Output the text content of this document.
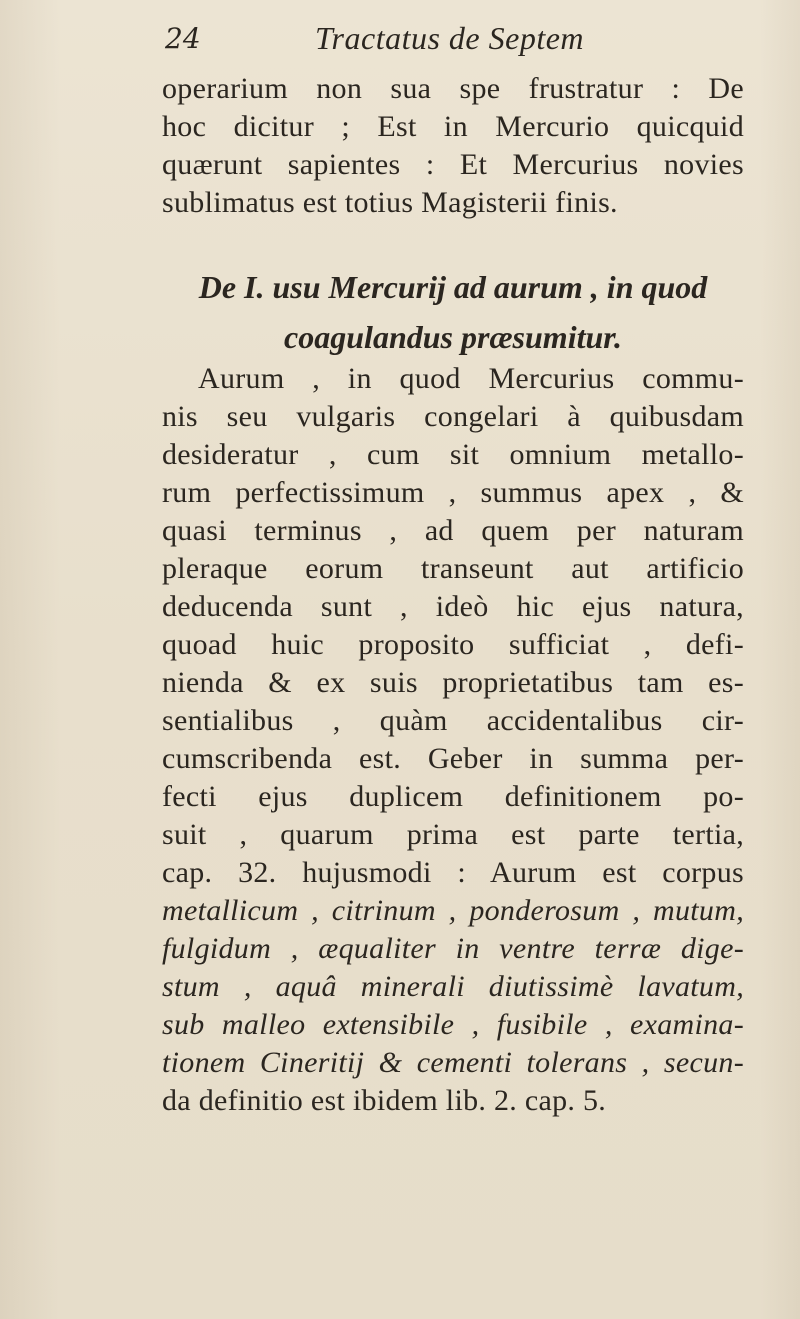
24	Tractatus de Septem
operarium non sua spe frustratur : De
hoc dicitur ; Est in Mercurio quicquid
quærunt sapientes : Et Mercurius novies
sublimatus est totius Magisterii finis.
De I. usu Mercurij ad aurum , in quod
coagulandus præsumitur.
Aurum , in quod Mercurius commu-
nis seu vulgaris congelari à quibusdam
desideratur , cum sit omnium metallo-
rum perfectissimum , summus apex , &
quasi terminus , ad quem per naturam
pleraque eorum transeunt aut artificio
deducenda sunt , ideò hic ejus natura,
quoad huic proposito sufficiat , defi-
nienda & ex suis proprietatibus tam es-
sentialibus , quàm accidentalibus cir-
cumscribenda est. Geber in summa per-
fecti ejus duplicem definitionem po-
suit , quarum prima est parte tertia,
cap. 32. hujusmodi : Aurum est corpus
metallicum , citrinum , ponderosum , mutum,
fulgidum , æqualiter in ventre terræ dige-
stum , aquâ minerali diutissimè lavatum,
sub malleo extensibile , fusibile , examina-
tionem Cineritij & cementi tolerans , secun-
da definitio est ibidem lib. 2. cap. 5.
